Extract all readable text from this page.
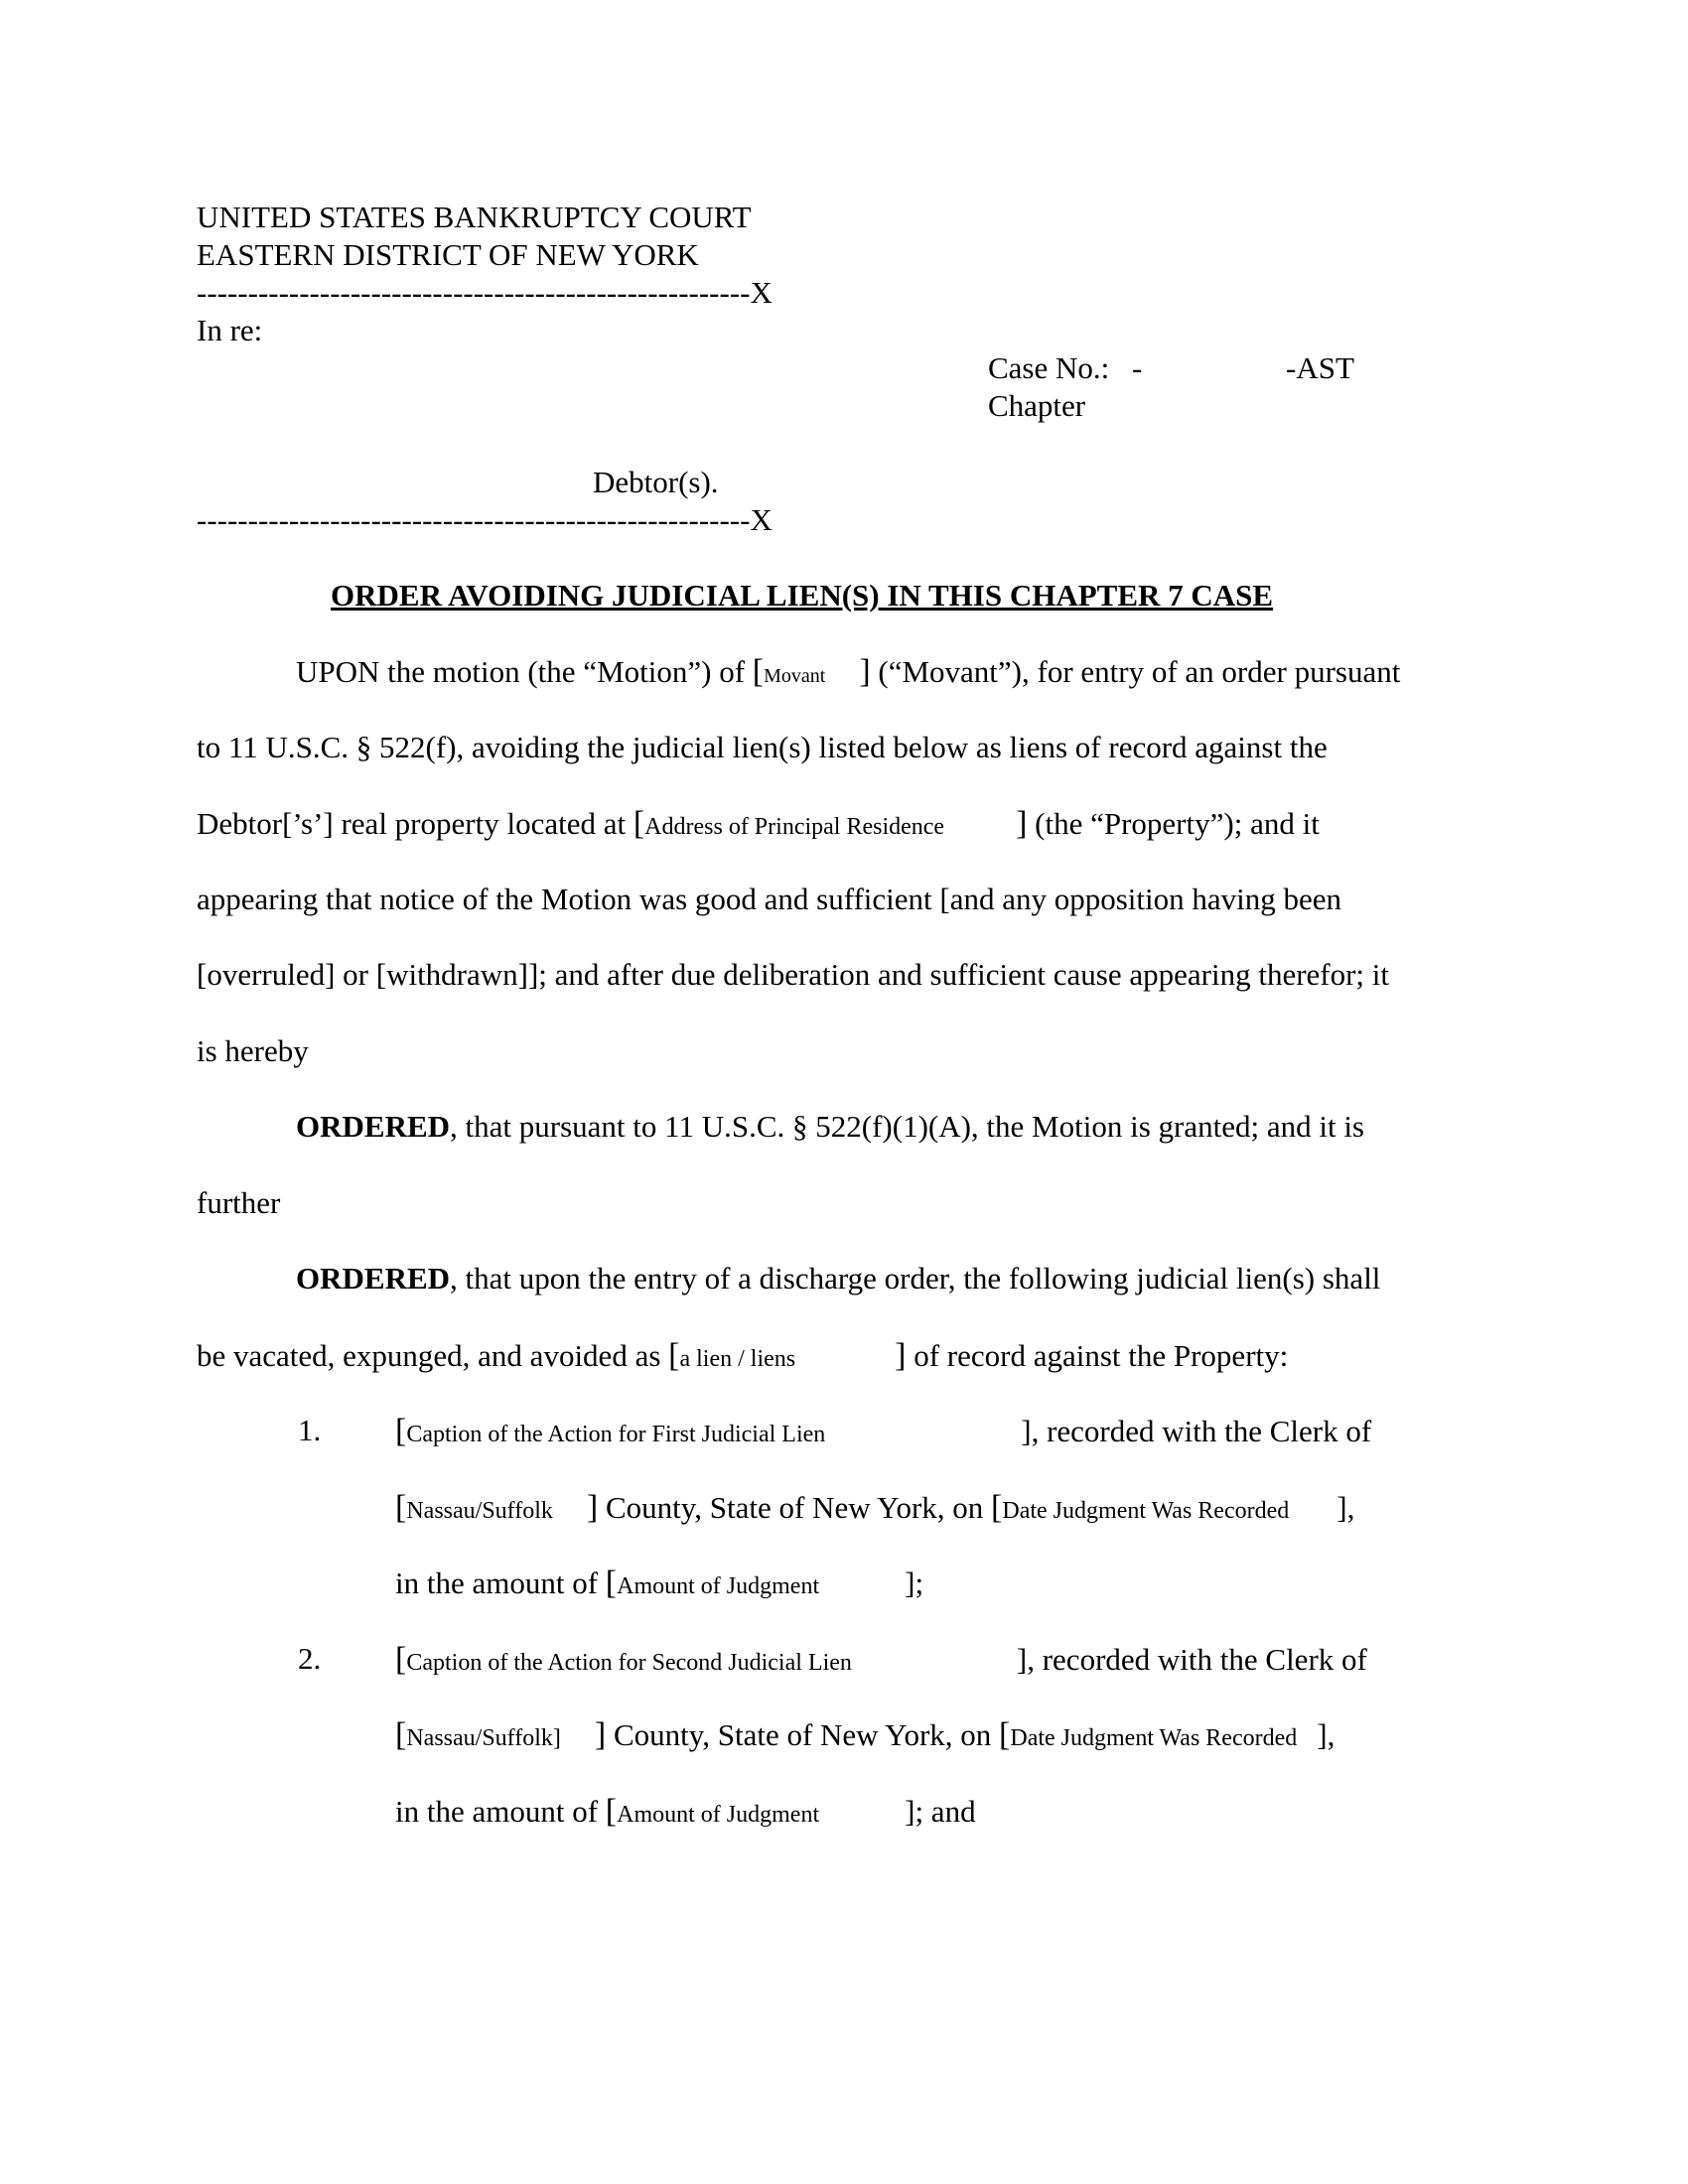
UNITED STATES BANKRUPTCY COURT
EASTERN DISTRICT OF NEW YORK
------------------------------------------------------X
In re:
Case No.: -	-AST
Chapter
Debtor(s).
------------------------------------------------------X
ORDER AVOIDING JUDICIAL LIEN(S) IN THIS CHAPTER 7 CASE
UPON the motion (the “Motion”) of [Movant ] (“Movant”), for entry of an order pursuant
to 11 U.S.C. § 522(f), avoiding the judicial lien(s) listed below as liens of record against the
Debtor[’s’] real property located at [Address of Principal Residence ] (the “Property”); and it
appearing that notice of the Motion was good and sufficient [and any opposition having been
[overruled] or [withdrawn]]; and after due deliberation and sufficient cause appearing therefor; it
is hereby
ORDERED, that pursuant to 11 U.S.C. § 522(f)(1)(A), the Motion is granted; and it is
further
ORDERED, that upon the entry of a discharge order, the following judicial lien(s) shall
be vacated, expunged, and avoided as [a lien / liens	] of record against the Property:
1. [Caption of the Action for First Judicial Lien	], recorded with the Clerk of
[Nassau/Suffolk ] County, State of New York, on [Date Judgment Was Recorded ],
in the amount of [Amount of Judgment	];
2. [Caption of the Action for Second Judicial Lien	], recorded with the Clerk of
[Nassau/Suffolk] ] County, State of New York, on [Date Judgment Was Recorded ],
in the amount of [Amount of Judgment	]; and
